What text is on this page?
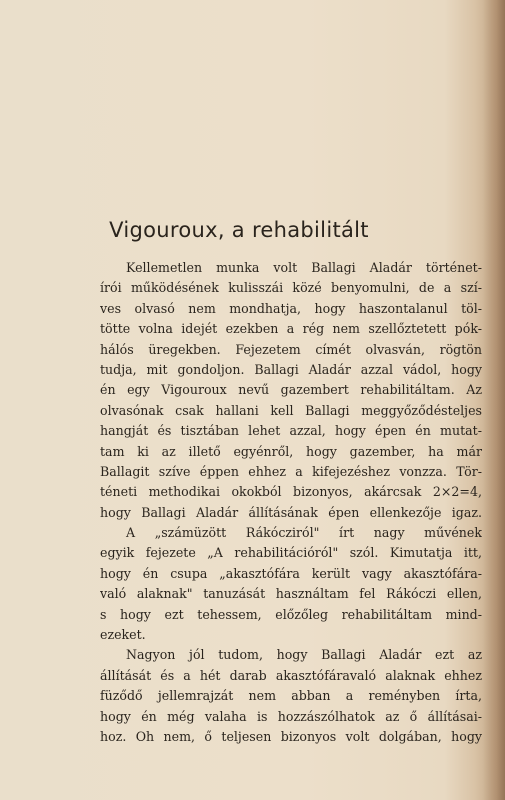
Vigouroux, a rehabilitált
Kellemetlen munka volt Ballagi Aladár történet-
írói működésének kulisszái közé benyomulni, de a szí-
ves olvasó nem mondhatja, hogy haszontalanul töl-
tötte volna idejét ezekben a rég nem szellőztetett pók-
hálós üregekben. Fejezetem címét olvasván, rögtön
tudja, mit gondoljon. Ballagi Aladár azzal vádol, hogy
én egy Vigouroux nevű gazembert rehabilitáltam. Az
olvasónak csak hallani kell Ballagi meggyőződésteljes
hangját és tisztában lehet azzal, hogy épen én mutat-
tam ki az illető egyénről, hogy gazember, ha már
Ballagit szíve éppen ehhez a kifejezéshez vonzza. Tör-
téneti methodikai okokból bizonyos, akárcsak 2×2=4,
hogy Ballagi Aladár állításának épen ellenkezője igaz.
A „számüzött Rákócziról" írt nagy művének
egyik fejezete „A rehabilitációról" szól. Kimutatja itt,
hogy én csupa „akasztófára került vagy akasztófára-
való alaknak" tanuzását használtam fel Rákóczi ellen,
s hogy ezt tehessem, előzőleg rehabilitáltam mind-
ezeket.
Nagyon jól tudom, hogy Ballagi Aladár ezt az
állítását és a hét darab akasztófáravaló alaknak ehhez
füződő jellemrajzát nem abban a reményben írta,
hogy én még valaha is hozzászólhatok az ő állításai-
hoz. Oh nem, ő teljesen bizonyos volt dolgában, hogy
